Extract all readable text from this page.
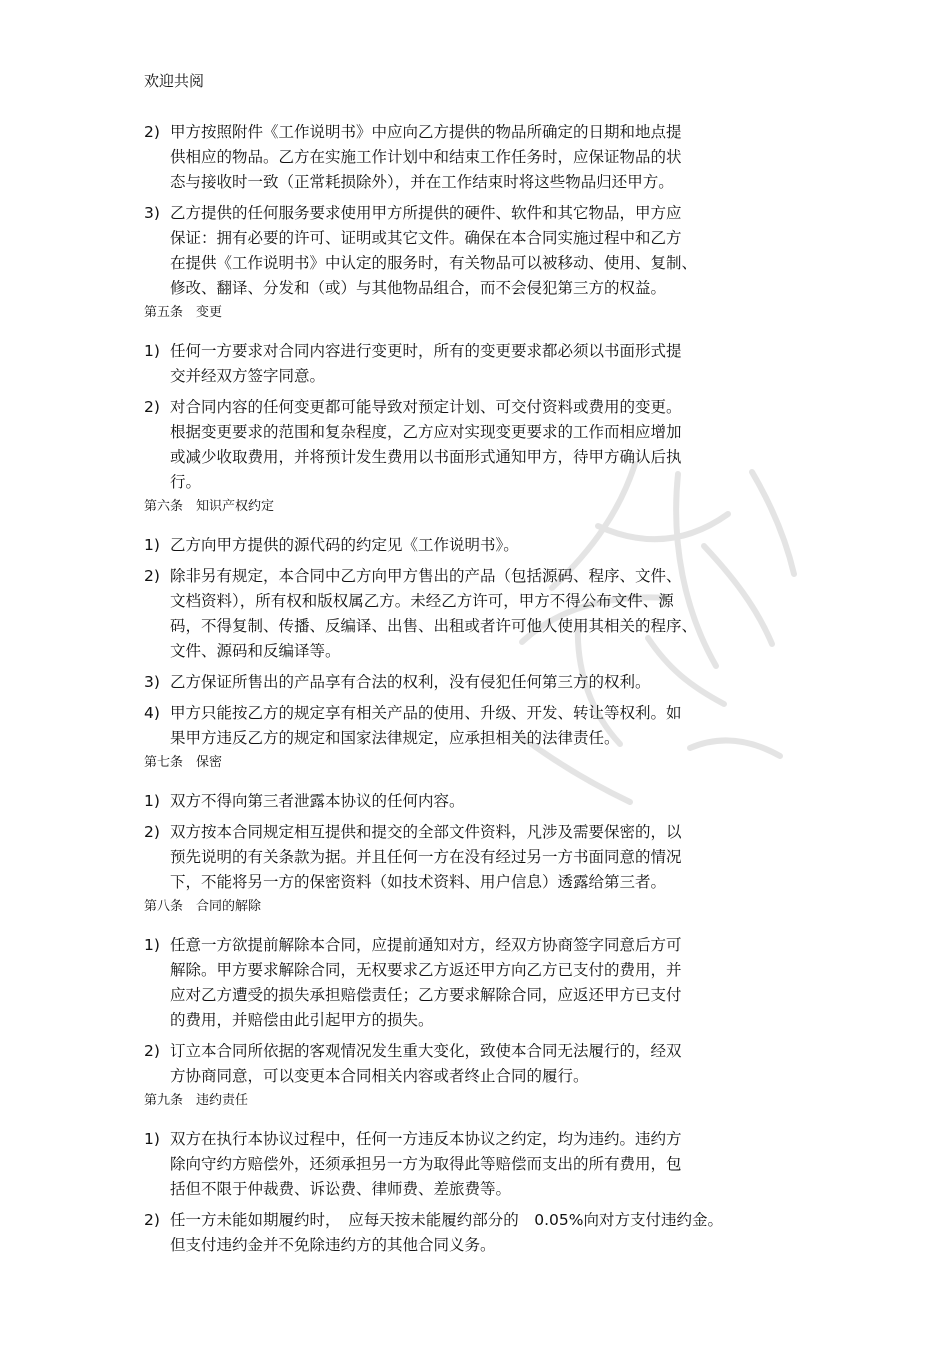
欢迎共阅

2) 甲方按照附件《工作说明书》中应向乙方提供的物品所确定的日期和地点提
供相应的物品。乙方在实施工作计划中和结束工作任务时，应保证物品的状
态与接收时一致（正常耗损除外），并在工作结束时将这些物品归还甲方。

3) 乙方提供的任何服务要求使用甲方所提供的硬件、软件和其它物品，甲方应
保证：拥有必要的许可、证明或其它文件。确保在本合同实施过程中和乙方
在提供《工作说明书》中认定的服务时，有关物品可以被移动、使用、复制、
修改、翻译、分发和（或）与其他物品组合，而不会侵犯第三方的权益。

第五条　变更

1) 任何一方要求对合同内容进行变更时，所有的变更要求都必须以书面形式提
交并经双方签字同意。

2) 对合同内容的任何变更都可能导致对预定计划、可交付资料或费用的变更。
根据变更要求的范围和复杂程度，乙方应对实现变更要求的工作而相应增加
或减少收取费用，并将预计发生费用以书面形式通知甲方，待甲方确认后执
行。

第六条　知识产权约定

1) 乙方向甲方提供的源代码的约定见《工作说明书》。

2) 除非另有规定，本合同中乙方向甲方售出的产品（包括源码、程序、文件、
文档资料），所有权和版权属乙方。未经乙方许可，甲方不得公布文件、源
码，不得复制、传播、反编译、出售、出租或者许可他人使用其相关的程序、
文件、源码和反编译等。

3) 乙方保证所售出的产品享有合法的权利，没有侵犯任何第三方的权利。

4) 甲方只能按乙方的规定享有相关产品的使用、升级、开发、转让等权利。如
果甲方违反乙方的规定和国家法律规定，应承担相关的法律责任。

第七条　保密

1) 双方不得向第三者泄露本协议的任何内容。

2) 双方按本合同规定相互提供和提交的全部文件资料，凡涉及需要保密的，以
预先说明的有关条款为据。并且任何一方在没有经过另一方书面同意的情况
下，不能将另一方的保密资料（如技术资料、用户信息）透露给第三者。

第八条　合同的解除

1) 任意一方欲提前解除本合同，应提前通知对方，经双方协商签字同意后方可
解除。甲方要求解除合同，无权要求乙方返还甲方向乙方已支付的费用，并
应对乙方遭受的损失承担赔偿责任；乙方要求解除合同，应返还甲方已支付
的费用，并赔偿由此引起甲方的损失。

2) 订立本合同所依据的客观情况发生重大变化，致使本合同无法履行的，经双
方协商同意，可以变更本合同相关内容或者终止合同的履行。

第九条　违约责任

1) 双方在执行本协议过程中，任何一方违反本协议之约定，均为违约。违约方
除向守约方赔偿外，还须承担另一方为取得此等赔偿而支出的所有费用，包
括但不限于仲裁费、诉讼费、律师费、差旅费等。

2) 任一方未能如期履约时，　应每天按未能履约部分的　0.05%向对方支付违约金。
但支付违约金并不免除违约方的其他合同义务。
